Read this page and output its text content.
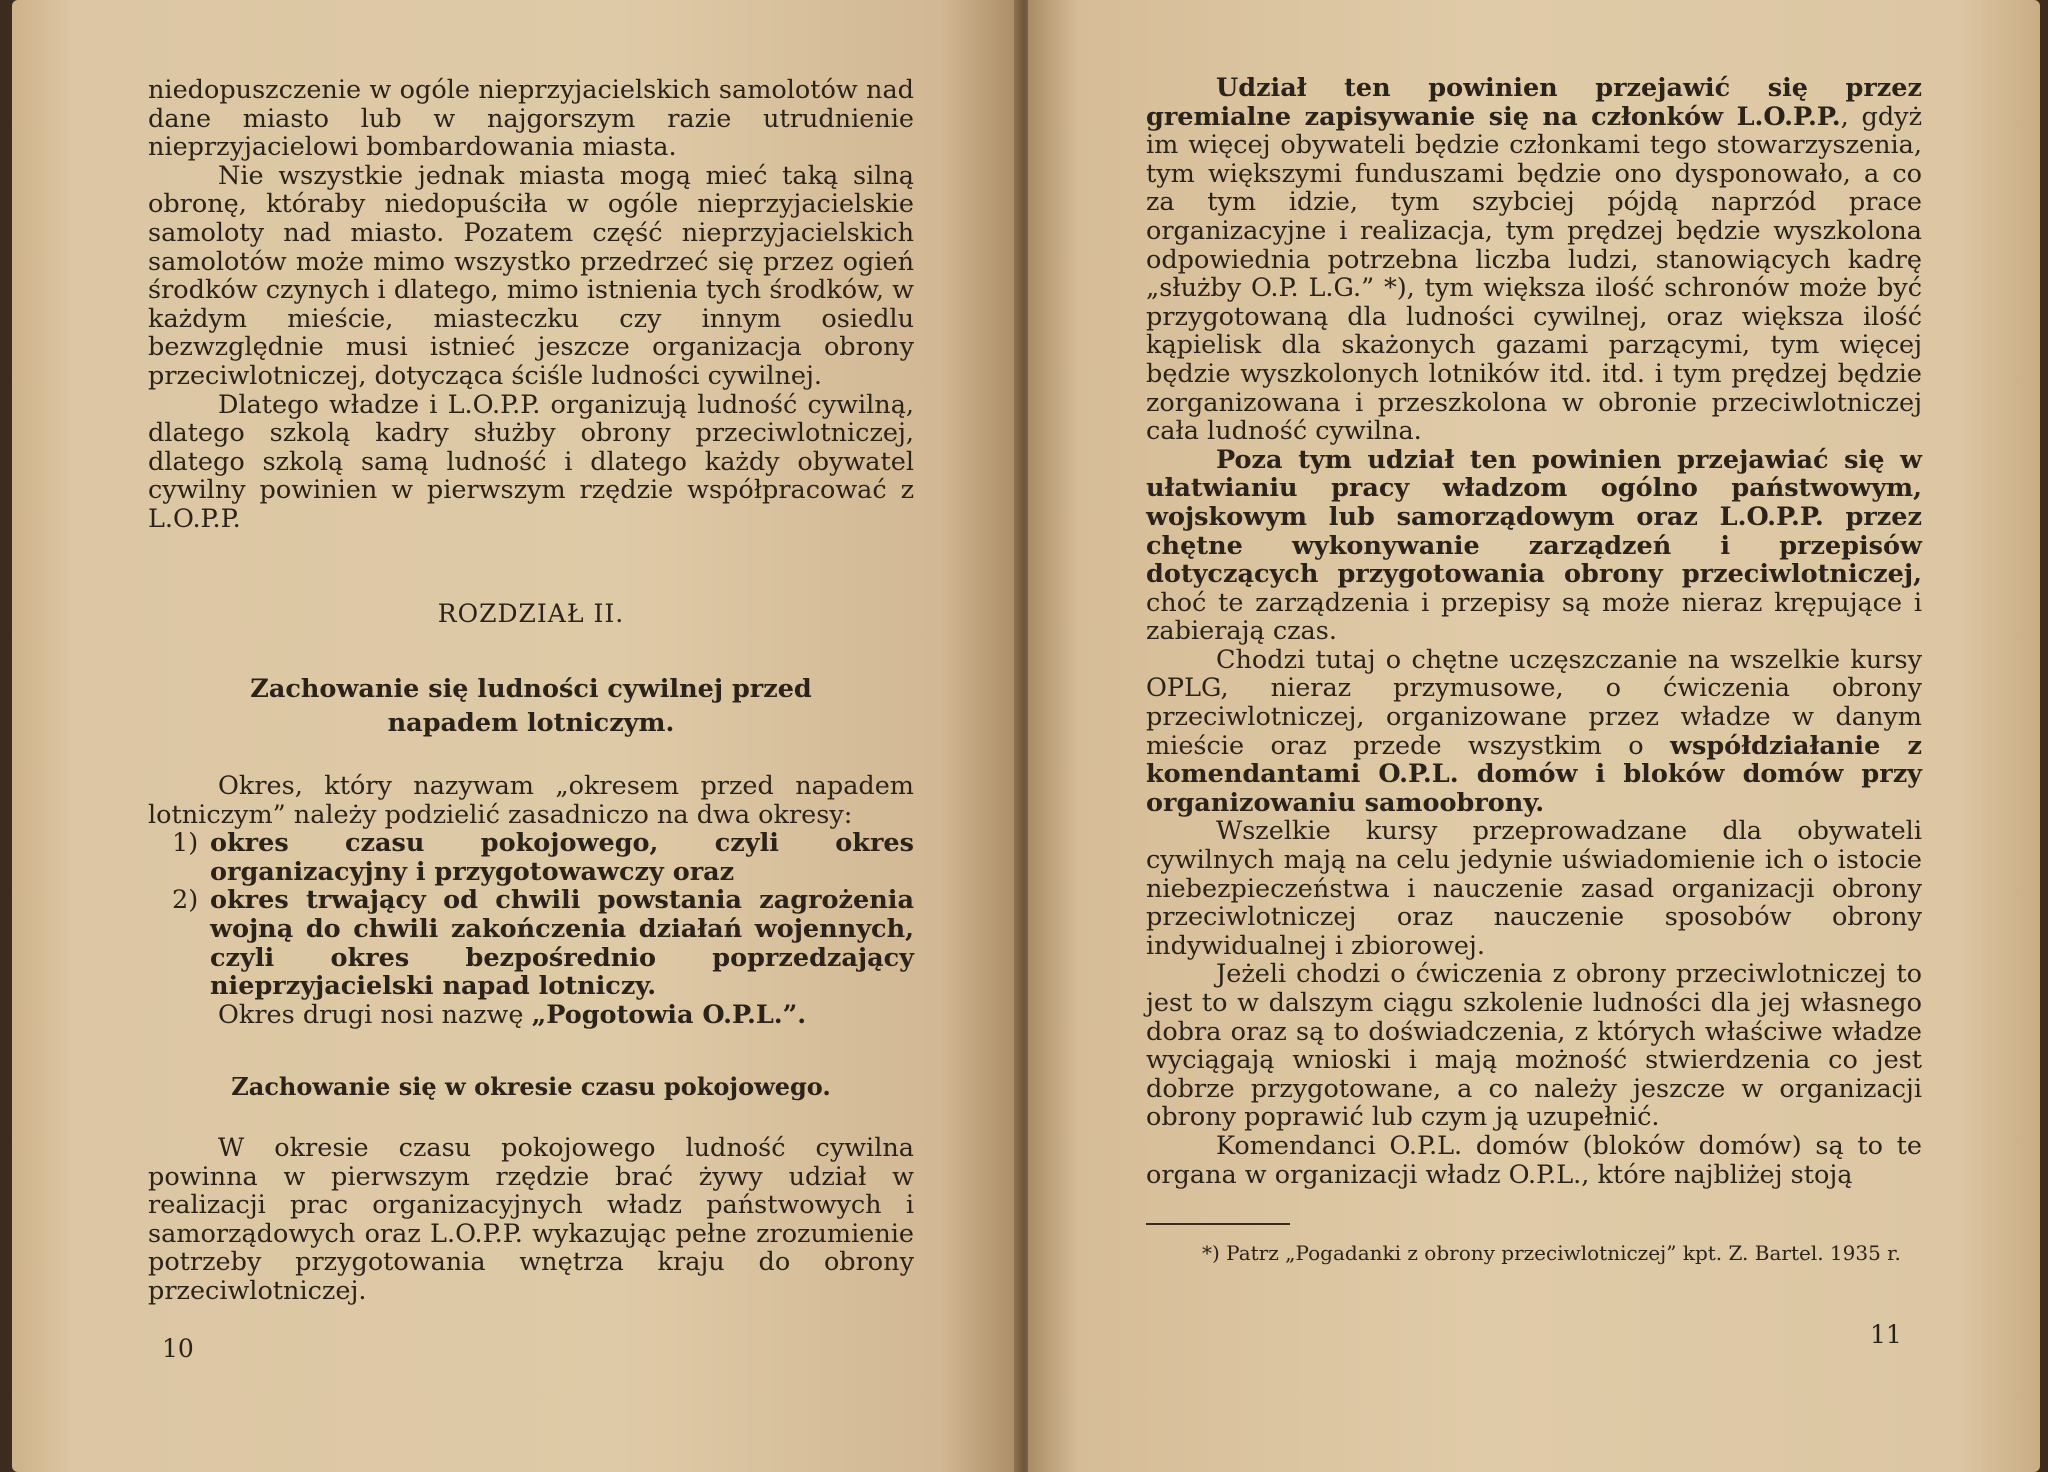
niedopuszczenie w ogóle nieprzyjacielskich samolotów nad dane miasto lub w najgorszym razie utrudnienie nieprzyjacielowi bombardowania miasta.

Nie wszystkie jednak miasta mogą mieć taką silną obronę, któraby niedopuściła w ogóle nieprzyjacielskie samoloty nad miasto. Pozatem część nieprzyjacielskich samolotów może mimo wszystko przedrzeć się przez ogień środków czynych i dlatego, mimo istnienia tych środków, w każdym mieście, miasteczku czy innym osiedlu bezwzględnie musi istnieć jeszcze organizacja obrony przeciwlotniczej, dotycząca ściśle ludności cywilnej.

Dlatego władze i L.O.P.P. organizują ludność cywilną, dlatego szkolą kadry służby obrony przeciwlotniczej, dlatego szkolą samą ludność i dlatego każdy obywatel cywilny powinien w pierwszym rzędzie współpracować z L.O.P.P.

ROZDZIAŁ II.

Zachowanie się ludności cywilnej przed napadem lotniczym.

Okres, który nazywam „okresem przed napadem lotniczym” należy podzielić zasadniczo na dwa okresy:

1) okres czasu pokojowego, czyli okres organizacyjny i przygotowawczy oraz
2) okres trwający od chwili powstania zagrożenia wojną do chwili zakończenia działań wojennych, czyli okres bezpośrednio poprzedzający nieprzyjacielski napad lotniczy.

Okres drugi nosi nazwę „Pogotowia O.P.L.”.

Zachowanie się w okresie czasu pokojowego.

W okresie czasu pokojowego ludność cywilna powinna w pierwszym rzędzie brać żywy udział w realizacji prac organizacyjnych władz państwowych i samorządowych oraz L.O.P.P. wykazując pełne zrozumienie potrzeby przygotowania wnętrza kraju do obrony przeciwlotniczej.

10

Udział ten powinien przejawić się przez gremialne zapisywanie się na członków L.O.P.P., gdyż im więcej obywateli będzie członkami tego stowarzyszenia, tym większymi funduszami będzie ono dysponowało, a co za tym idzie, tym szybciej pójdą naprzód prace organizacyjne i realizacja, tym prędzej będzie wyszkolona odpowiednia potrzebna liczba ludzi, stanowiących kadrę „służby O.P. L.G.” *), tym większa ilość schronów może być przygotowaną dla ludności cywilnej, oraz większa ilość kąpielisk dla skażonych gazami parzącymi, tym więcej będzie wyszkolonych lotników itd. itd. i tym prędzej będzie zorganizowana i przeszkolona w obronie przeciwlotniczej cała ludność cywilna.

Poza tym udział ten powinien przejawiać się w ułatwianiu pracy władzom ogólno państwowym, wojskowym lub samorządowym oraz L.O.P.P. przez chętne wykonywanie zarządzeń i przepisów dotyczących przygotowania obrony przeciwlotniczej, choć te zarządzenia i przepisy są może nieraz krępujące i zabierają czas.

Chodzi tutaj o chętne uczęszczanie na wszelkie kursy OPLG, nieraz przymusowe, o ćwiczenia obrony przeciwlotniczej, organizowane przez władze w danym mieście oraz przede wszystkim o współdziałanie z komendantami O.P.L. domów i bloków domów przy organizowaniu samoobrony.

Wszelkie kursy przeprowadzane dla obywateli cywilnych mają na celu jedynie uświadomienie ich o istocie niebezpieczeństwa i nauczenie zasad organizacji obrony przeciwlotniczej oraz nauczenie sposobów obrony indywidualnej i zbiorowej.

Jeżeli chodzi o ćwiczenia z obrony przeciwlotniczej to jest to w dalszym ciągu szkolenie ludności dla jej własnego dobra oraz są to doświadczenia, z których właściwe władze wyciągają wnioski i mają możność stwierdzenia co jest dobrze przygotowane, a co należy jeszcze w organizacji obrony poprawić lub czym ją uzupełnić.

Komendanci O.P.L. domów (bloków domów) są to te organa w organizacji władz O.P.L., które najbliżej stoją

*) Patrz „Pogadanki z obrony przeciwlotniczej” kpt. Z. Bartel. 1935 r.

11
